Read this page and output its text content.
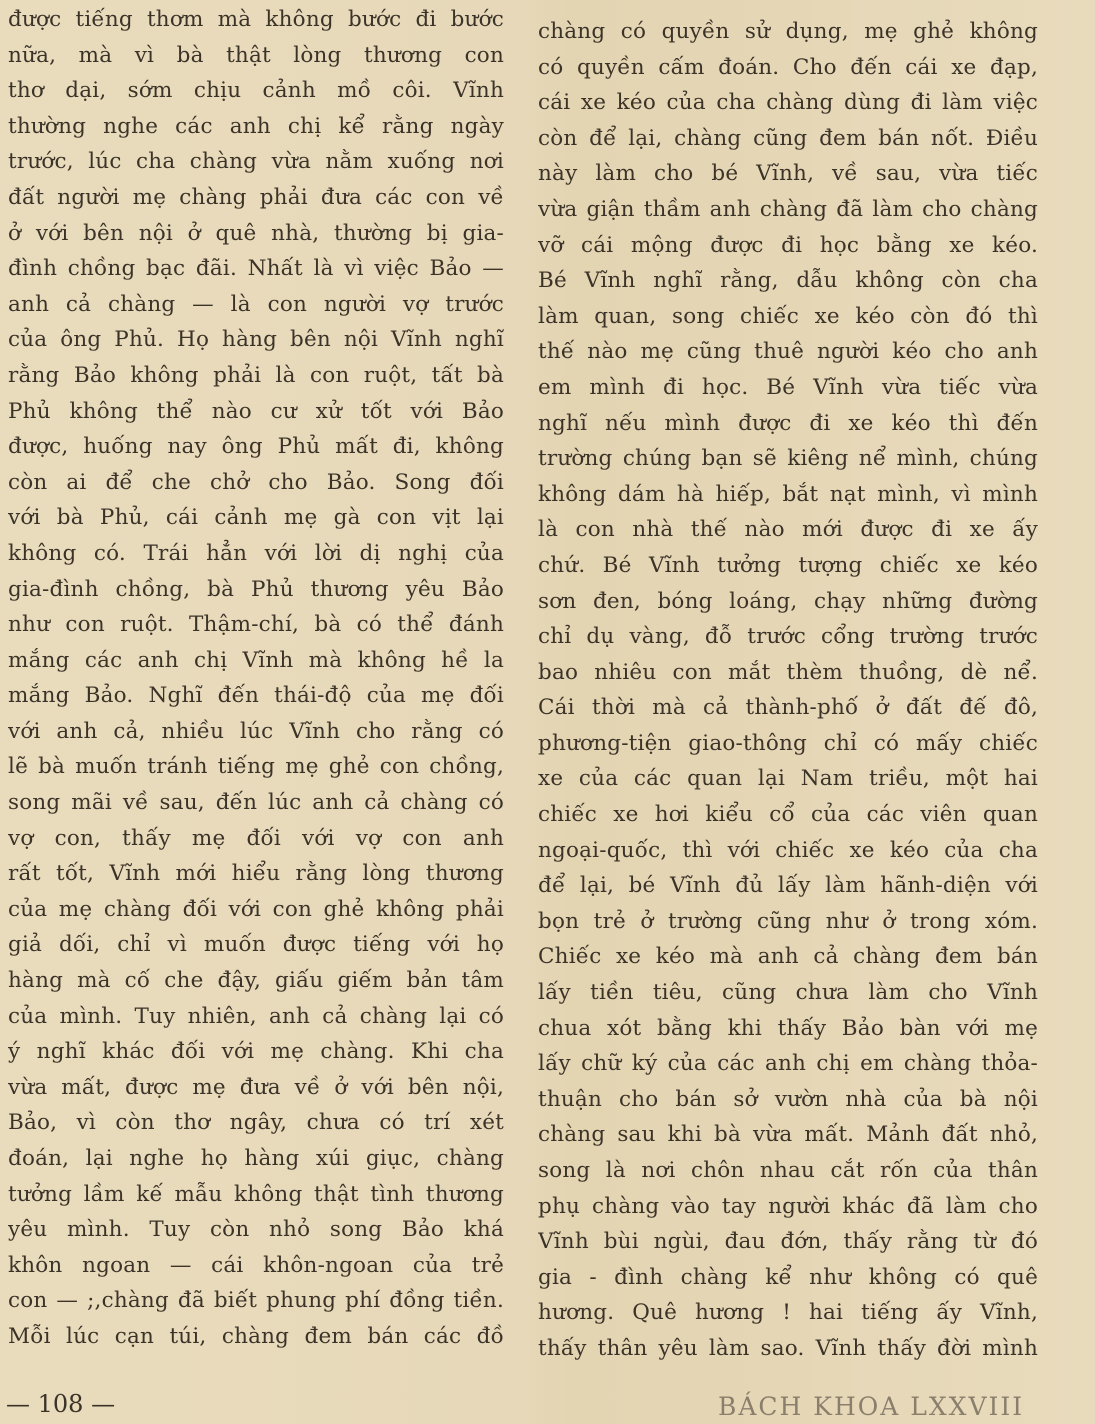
được tiếng thơm mà không bước đi bước
nữa, mà vì bà thật lòng thương con
thơ dại, sớm chịu cảnh mồ côi. Vĩnh
thường nghe các anh chị kể rằng ngày
trước, lúc cha chàng vừa nằm xuống nơi
đất người mẹ chàng phải đưa các con về
ở với bên nội ở quê nhà, thường bị gia-
đình chồng bạc đãi. Nhất là vì việc Bảo —
anh cả chàng — là con người vợ trước
của ông Phủ. Họ hàng bên nội Vĩnh nghĩ
rằng Bảo không phải là con ruột, tất bà
Phủ không thể nào cư xử tốt với Bảo
được, huống nay ông Phủ mất đi, không
còn ai để che chở cho Bảo. Song đối
với bà Phủ, cái cảnh mẹ gà con vịt lại
không có. Trái hẳn với lời dị nghị của
gia-đình chồng, bà Phủ thương yêu Bảo
như con ruột. Thậm-chí, bà có thể đánh
mắng các anh chị Vĩnh mà không hề la
mắng Bảo. Nghĩ đến thái-độ của mẹ đối
với anh cả, nhiều lúc Vĩnh cho rằng có
lẽ bà muốn tránh tiếng mẹ ghẻ con chồng,
song mãi về sau, đến lúc anh cả chàng có
vợ con, thấy mẹ đối với vợ con anh
rất tốt, Vĩnh mới hiểu rằng lòng thương
của mẹ chàng đối với con ghẻ không phải
giả dối, chỉ vì muốn được tiếng với họ
hàng mà cố che đậy, giấu giếm bản tâm
của mình. Tuy nhiên, anh cả chàng lại có
ý nghĩ khác đối với mẹ chàng. Khi cha
vừa mất, được mẹ đưa về ở với bên nội,
Bảo, vì còn thơ ngây, chưa có trí xét
đoán, lại nghe họ hàng xúi giục, chàng
tưởng lầm kế mẫu không thật tình thương
yêu mình. Tuy còn nhỏ song Bảo khá
khôn ngoan — cái khôn-ngoan của trẻ
con — ;,chàng đã biết phung phí đồng tiền.
Mỗi lúc cạn túi, chàng đem bán các đồ
chàng có quyền sử dụng, mẹ ghẻ không
có quyền cấm đoán. Cho đến cái xe đạp,
cái xe kéo của cha chàng dùng đi làm việc
còn để lại, chàng cũng đem bán nốt. Điều
này làm cho bé Vĩnh, về sau, vừa tiếc
vừa giận thầm anh chàng đã làm cho chàng
vỡ cái mộng được đi học bằng xe kéo.
Bé Vĩnh nghĩ rằng, dẫu không còn cha
làm quan, song chiếc xe kéo còn đó thì
thế nào mẹ cũng thuê người kéo cho anh
em mình đi học. Bé Vĩnh vừa tiếc vừa
nghĩ nếu mình được đi xe kéo thì đến
trường chúng bạn sẽ kiêng nể mình, chúng
không dám hà hiếp, bắt nạt mình, vì mình
là con nhà thế nào mới được đi xe ấy
chứ. Bé Vĩnh tưởng tượng chiếc xe kéo
sơn đen, bóng loáng, chạy những đường
chỉ dụ vàng, đỗ trước cổng trường trước
bao nhiêu con mắt thèm thuồng, dè nể.
Cái thời mà cả thành-phố ở đất đế đô,
phương-tiện giao-thông chỉ có mấy chiếc
xe của các quan lại Nam triều, một hai
chiếc xe hơi kiểu cổ của các viên quan
ngoại-quốc, thì với chiếc xe kéo của cha
để lại, bé Vĩnh đủ lấy làm hãnh-diện với
bọn trẻ ở trường cũng như ở trong xóm.
Chiếc xe kéo mà anh cả chàng đem bán
lấy tiền tiêu, cũng chưa làm cho Vĩnh
chua xót bằng khi thấy Bảo bàn với mẹ
lấy chữ ký của các anh chị em chàng thỏa-
thuận cho bán sở vườn nhà của bà nội
chàng sau khi bà vừa mất. Mảnh đất nhỏ,
song là nơi chôn nhau cắt rốn của thân
phụ chàng vào tay người khác đã làm cho
Vĩnh bùi ngùi, đau đớn, thấy rằng từ đó
gia - đình chàng kể như không có quê
hương. Quê hương ! hai tiếng ấy Vĩnh,
thấy thân yêu làm sao. Vĩnh thấy đời mình
— 108 —	BÁCH KHOA LXXVIII
